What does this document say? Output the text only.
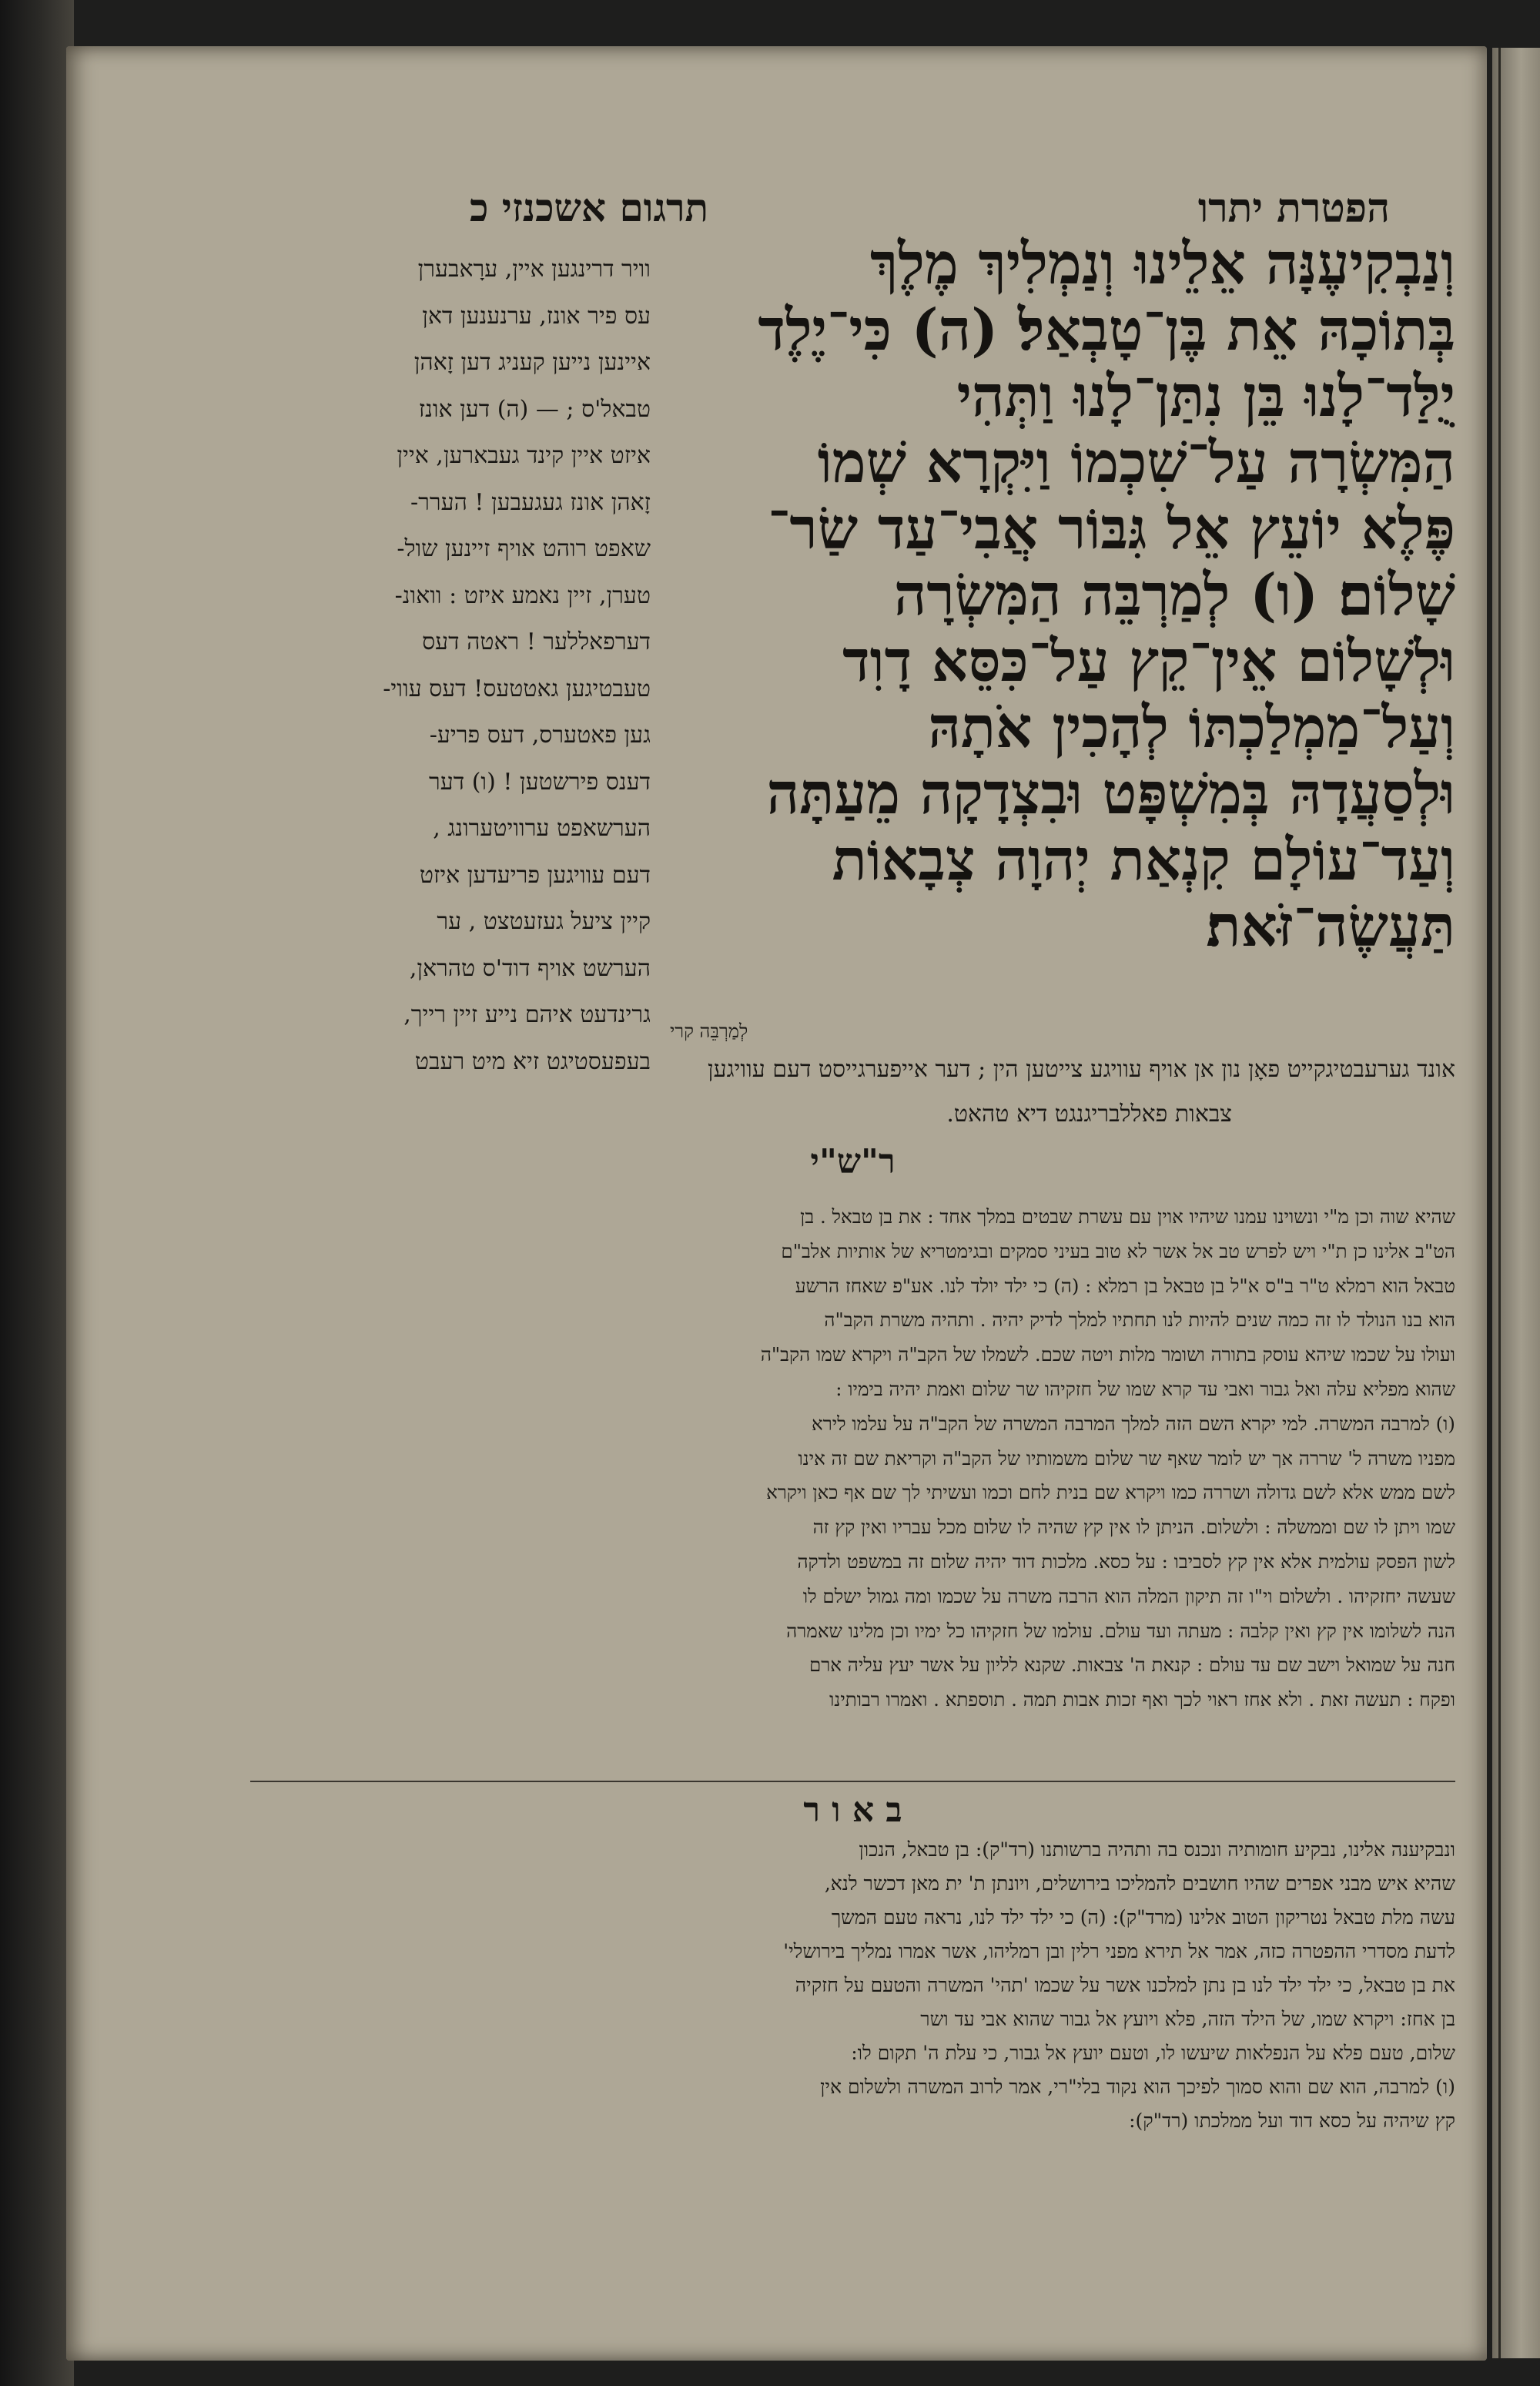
הפטרת יתרו
תרגום אשכנזי כ
וְנַבְקִיעֶנָּה אֵלֵינוּ וְנַמְלִיךְ מֶלֶךְ
בְּתוֹכָהּ אֵת בֶּן־טָבְאַל׃ (ה) כִּי־יֶלֶד
יֻלַּד־לָנוּ בֵּן נִתַּן־לָנוּ וַתְּהִי
הַמִּשְׂרָה עַל־שִׁכְמוֹ וַיִּקְרָא שְׁמוֹ
פֶּלֶא יוֹעֵץ אֵל גִּבּוֹר אֲבִי־עַד שַׂר־
שָׁלוֹם׃ (ו) לְמַרְבֵּה הַמִּשְׂרָה
וּלְשָׁלוֹם אֵין־קֵץ עַל־כִּסֵּא דָוִד
וְעַל־מַמְלַכְתּוֹ לְהָכִין אֹתָהּ
וּלְסַעֲדָהּ בְּמִשְׁפָּט וּבִצְדָקָה מֵעַתָּה
וְעַד־עוֹלָם קִנְאַת יְהוָה צְבָאוֹת
תַּעֲשֶׂה־זֹּאת׃
לְמַרְבֵּה קרי
וויר דרינגען איין, ערָאבערן
עס פיר אונז, ערנענען דאן
איינען נייען קעניג דען זָאהן
טבאל'ס ; — (ה) דען אונז
איזט איין קינד געבארען, איין
זָאהן אונז געגעבען ! הערר-
שאפט רוהט אויף זיינען שול-
טערן, זיין נאמע איזט : וואונ-
דערפאללער ! ראטה דעס
טעבטיגען גאטטעס! דעס עווי-
גען פאטערס, דעס פריע-
דענס פירשטען ! (ו) דער
הערשאפט ערוויטערונג ,
דעם עוויגען פריעדען איזט
קיין ציעל געזעטצט , ער
הערשט אויף דוד'ס טהראן,
גרינדעט איהם נייע זיין רייך,
בעפעסטיגט זיא מיט רעבט	אונד גערעבטיגקייט פאָן נון אן אויף עוויגע צייטען הין ; דער אייפערגייסט דעם עוויגען
צבאות פאללבריגנגט דיא טהאט.
ר"ש"י
שהיא שוה וכן מ"י ונשוינו עמנו שיהיו אוין עם עשרת שבטים במלך אחד : את בן טבאל . בן
הט"ב אלינו כן ת"י ויש לפרש טב אל אשר לא טוב בעיני סמקים ובגימטריא של אותיות אלב"ם
טבאל הוא רמלא ט"ר ב"ס א"ל בן טבאל בן רמלא : (ה) כי ילד יולד לנו. אע"פ שאחז הרשע
הוא בנו הנולד לו זה כמה שנים להיות לנו תחתיו למלך לדיק יהיה . ותהיה משרת הקב"ה
ועולו על שכמו שיהא עוסק בתורה ושומר מלות ויטה שכם. לשמלו של הקב"ה ויקרא שמו הקב"ה
שהוא מפליא עלה ואל גבור ואבי עד קרא שמו של חזקיהו שר שלום ואמת יהיה בימיו :
(ו) למרבה המשרה. למי יקרא השם הזה למלך המרבה המשרה של הקב"ה על עלמו לירא
מפניו משרה ל' שררה אך יש לומר שאף שר שלום משמותיו של הקב"ה וקריאת שם זה אינו
לשם ממש אלא לשם גדולה ושררה כמו ויקרא שם בנית לחם וכמו ועשיתי לך שם אף כאן ויקרא
שמו ויתן לו שם וממשלה : ולשלום. הניתן לו אין קץ שהיה לו שלום מכל עבריו ואין קץ זה
לשון הפסק עולמית אלא אין קץ לסביבו : על כסא. מלכות דוד יהיה שלום זה במשפט ולדקה
שעשה יחזקיהו . ולשלום וי"ו זה תיקון המלה הוא הרבה משרה על שכמו ומה גמול ישלם לו
הנה לשלומו אין קץ ואין קלבה : מעתה ועד עולם. עולמו של חזקיהו כל ימיו וכן מלינו שאמרה
חנה על שמואל וישב שם עד עולם : קנאת ה' צבאות. שקנא לליון על אשר יעץ עליה ארם
ופקח : תעשה זאת . ולא אחז ראוי לכך ואף זכות אבות תמה . תוספתא . ואמרו רבותינו
ב א ו ר
ונבקיענה אלינו, נבקיע חומותיה ונכנס בה ותהיה ברשותנו (רד"ק): בן טבאל, הנכון
שהיא איש מבני אפרים שהיו חושבים להמליכו בירושלים, ויונתן ת' ית מאן דכשר לנא,
עשה מלת טבאל נטריקון הטוב אלינו (מרד"ק): (ה) כי ילד ילד לנו, נראה טעם המשך
לדעת מסדרי ההפטרה כזה, אמר אל תירא מפני רלין ובן רמליהו, אשר אמרו נמליך בירושלי'
את בן טבאל, כי ילד ילד לנו בן נתן למלכנו אשר על שכמו 'תהי' המשרה והטעם על חזקיה
בן אחז: ויקרא שמו, של הילד הזה, פלא ויועץ אל גבור שהוא אבי עד ושר
שלום, טעם פלא על הנפלאות שיעשו לו, וטעם יועץ אל גבור, כי עלת ה' תקום לו:
(ו) למרבה, הוא שם והוא סמוך לפיכך הוא נקוד בלי"רי, אמר לרוב המשרה ולשלום אין
קץ שיהיה על כסא דוד ועל ממלכתו (רד"ק):
